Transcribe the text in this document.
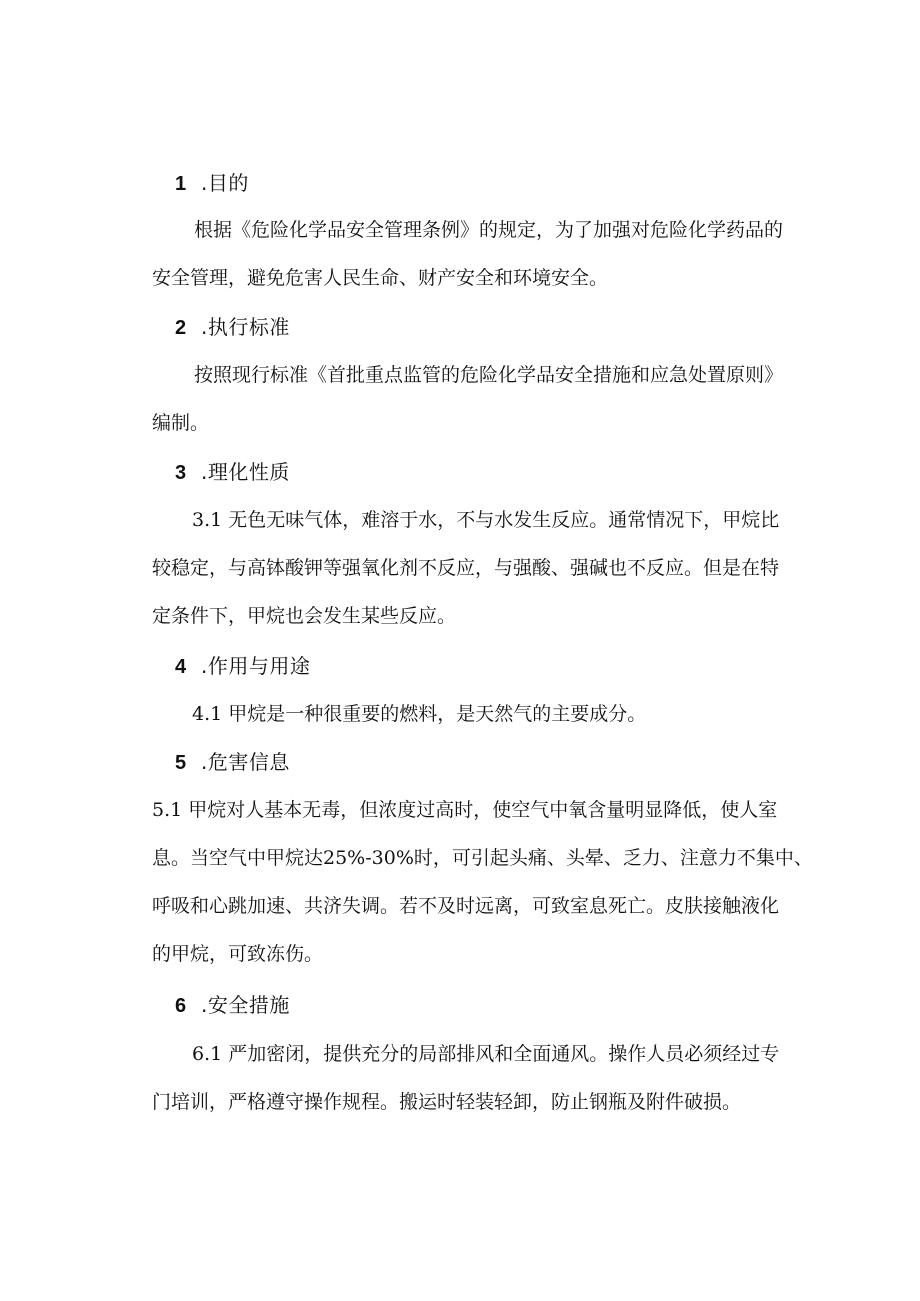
1 .目的
根据《危险化学品安全管理条例》的规定，为了加强对危险化学药品的
安全管理，避免危害人民生命、财产安全和环境安全。
2 .执行标准
按照现行标准《首批重点监管的危险化学品安全措施和应急处置原则》
编制。
3 .理化性质
3.1 无色无味气体，难溶于水，不与水发生反应。通常情况下，甲烷比
较稳定，与高钵酸钾等强氧化剂不反应，与强酸、强碱也不反应。但是在特
定条件下，甲烷也会发生某些反应。
4 .作用与用途
4.1 甲烷是一种很重要的燃料，是天然气的主要成分。
5 .危害信息
5.1 甲烷对人基本无毒，但浓度过高时，使空气中氧含量明显降低，使人室
息。当空气中甲烷达25%-30%时，可引起头痛、头晕、乏力、注意力不集中、
呼吸和心跳加速、共济失调。若不及时远离，可致室息死亡。皮肤接触液化
的甲烷，可致冻伤。
6 .安全措施
6.1 严加密闭，提供充分的局部排风和全面通风。操作人员必须经过专
门培训，严格遵守操作规程。搬运时轻装轻卸，防止钢瓶及附件破损。
